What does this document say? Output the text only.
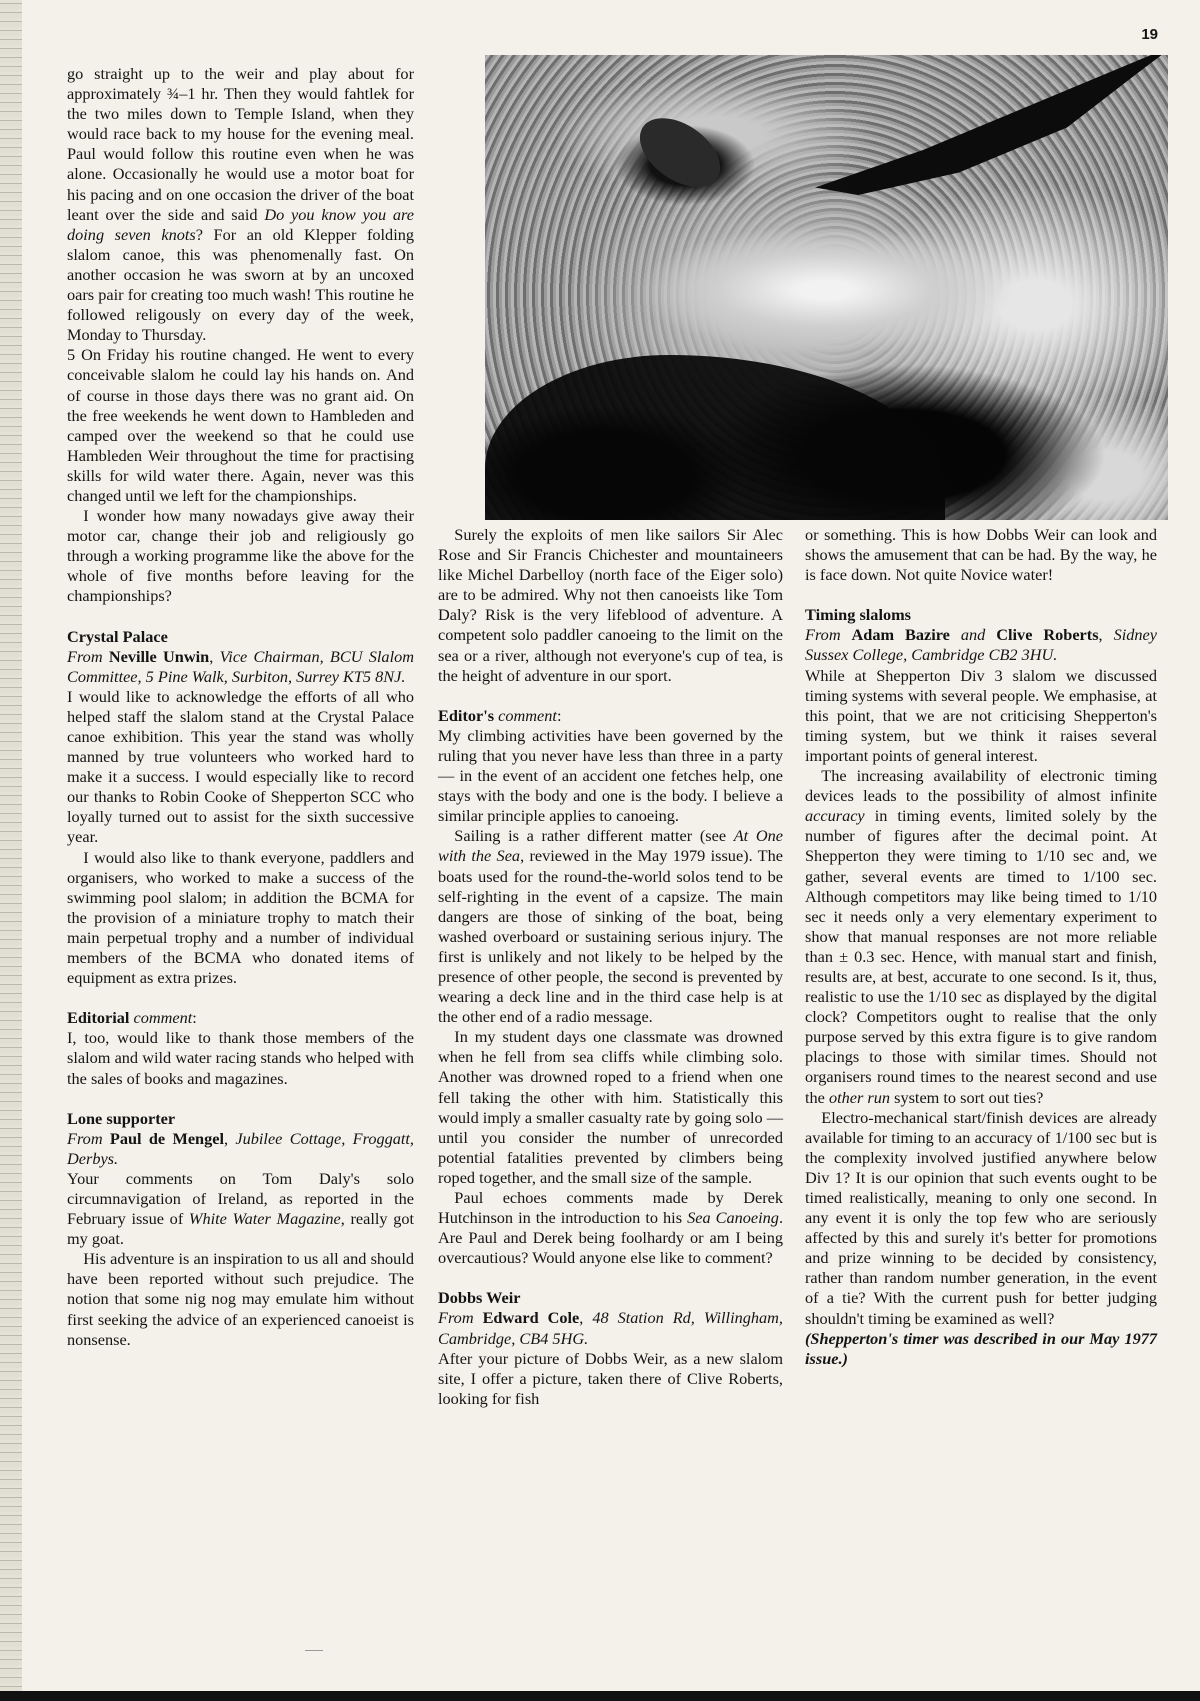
19

go straight up to the weir and play about for approximately ¾–1 hr. Then they would fahtlek for the two miles down to Temple Island, when they would race back to my house for the evening meal. Paul would follow this routine even when he was alone. Occasionally he would use a motor boat for his pacing and on one occasion the driver of the boat leant over the side and said Do you know you are doing seven knots? For an old Klepper folding slalom canoe, this was phenomenally fast. On another occasion he was sworn at by an uncoxed oars pair for creating too much wash! This routine he followed religously on every day of the week, Monday to Thursday.

5 On Friday his routine changed. He went to every conceivable slalom he could lay his hands on. And of course in those days there was no grant aid. On the free weekends he went down to Hambleden and camped over the weekend so that he could use Hambleden Weir throughout the time for practising skills for wild water there. Again, never was this changed until we left for the championships.

I wonder how many nowadays give away their motor car, change their job and religiously go through a working programme like the above for the whole of five months before leaving for the championships?

Crystal Palace

From Neville Unwin, Vice Chairman, BCU Slalom Committee, 5 Pine Walk, Surbiton, Surrey KT5 8NJ.

I would like to acknowledge the efforts of all who helped staff the slalom stand at the Crystal Palace canoe exhibition. This year the stand was wholly manned by true volunteers who worked hard to make it a success. I would especially like to record our thanks to Robin Cooke of Shepperton SCC who loyally turned out to assist for the sixth successive year.

I would also like to thank everyone, paddlers and organisers, who worked to make a success of the swimming pool slalom; in addition the BCMA for the provision of a miniature trophy to match their main perpetual trophy and a number of individual members of the BCMA who donated items of equipment as extra prizes.

Editorial comment:

I, too, would like to thank those members of the slalom and wild water racing stands who helped with the sales of books and magazines.

Lone supporter

From Paul de Mengel, Jubilee Cottage, Froggatt, Derbys.

Your comments on Tom Daly's solo circumnavigation of Ireland, as reported in the February issue of White Water Magazine, really got my goat.

His adventure is an inspiration to us all and should have been reported without such prejudice. The notion that some nig nog may emulate him without first seeking the advice of an experienced canoeist is nonsense.

Surely the exploits of men like sailors Sir Alec Rose and Sir Francis Chichester and mountaineers like Michel Darbelloy (north face of the Eiger solo) are to be admired. Why not then canoeists like Tom Daly? Risk is the very lifeblood of adventure. A competent solo paddler canoeing to the limit on the sea or a river, although not everyone's cup of tea, is the height of adventure in our sport.

Editor's comment:

My climbing activities have been governed by the ruling that you never have less than three in a party — in the event of an accident one fetches help, one stays with the body and one is the body. I believe a similar principle applies to canoeing.

Sailing is a rather different matter (see At One with the Sea, reviewed in the May 1979 issue). The boats used for the round-the-world solos tend to be self-righting in the event of a capsize. The main dangers are those of sinking of the boat, being washed overboard or sustaining serious injury. The first is unlikely and not likely to be helped by the presence of other people, the second is prevented by wearing a deck line and in the third case help is at the other end of a radio message.

In my student days one classmate was drowned when he fell from sea cliffs while climbing solo. Another was drowned roped to a friend when one fell taking the other with him. Statistically this would imply a smaller casualty rate by going solo — until you consider the number of unrecorded potential fatalities prevented by climbers being roped together, and the small size of the sample.

Paul echoes comments made by Derek Hutchinson in the introduction to his Sea Canoeing. Are Paul and Derek being foolhardy or am I being overcautious? Would anyone else like to comment?

Dobbs Weir

From Edward Cole, 48 Station Rd, Willingham, Cambridge, CB4 5HG.

After your picture of Dobbs Weir, as a new slalom site, I offer a picture, taken there of Clive Roberts, looking for fish

or something. This is how Dobbs Weir can look and shows the amusement that can be had. By the way, he is face down. Not quite Novice water!

Timing slaloms

From Adam Bazire and Clive Roberts, Sidney Sussex College, Cambridge CB2 3HU.

While at Shepperton Div 3 slalom we discussed timing systems with several people. We emphasise, at this point, that we are not criticising Shepperton's timing system, but we think it raises several important points of general interest.

The increasing availability of electronic timing devices leads to the possibility of almost infinite accuracy in timing events, limited solely by the number of figures after the decimal point. At Shepperton they were timing to 1/10 sec and, we gather, several events are timed to 1/100 sec. Although competitors may like being timed to 1/10 sec it needs only a very elementary experiment to show that manual responses are not more reliable than ± 0.3 sec. Hence, with manual start and finish, results are, at best, accurate to one second. Is it, thus, realistic to use the 1/10 sec as displayed by the digital clock? Competitors ought to realise that the only purpose served by this extra figure is to give random placings to those with similar times. Should not organisers round times to the nearest second and use the other run system to sort out ties?

Electro-mechanical start/finish devices are already available for timing to an accuracy of 1/100 sec but is the complexity involved justified anywhere below Div 1? It is our opinion that such events ought to be timed realistically, meaning to only one second. In any event it is only the top few who are seriously affected by this and surely it's better for promotions and prize winning to be decided by consistency, rather than random number generation, in the event of a tie? With the current push for better judging shouldn't timing be examined as well?

(Shepperton's timer was described in our May 1977 issue.)
